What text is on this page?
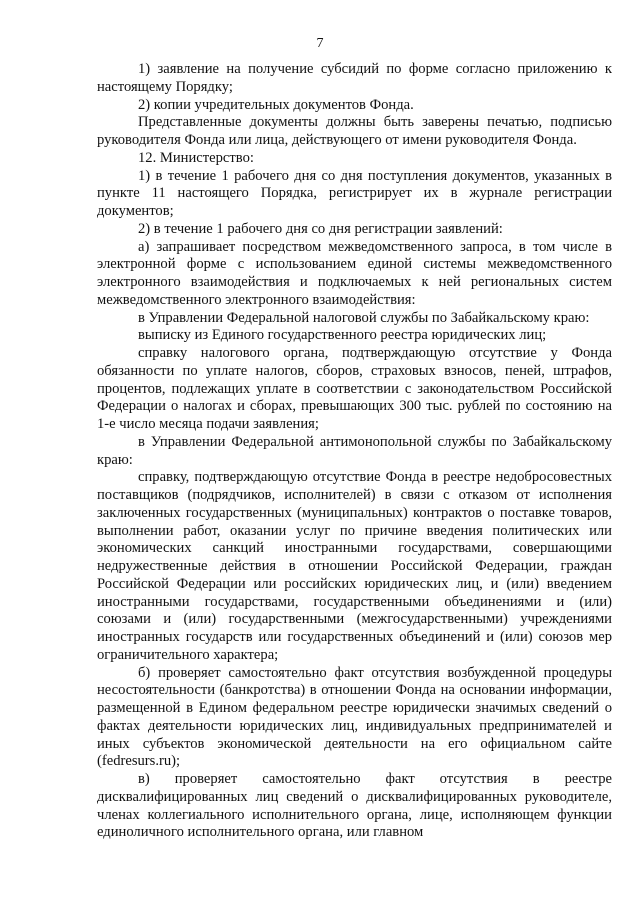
7

1) заявление на получение субсидий по форме согласно приложению к настоящему Порядку;

2) копии учредительных документов Фонда.

Представленные документы должны быть заверены печатью, подписью руководителя Фонда или лица, действующего от имени руководителя Фонда.

12. Министерство:

1) в течение 1 рабочего дня со дня поступления документов, указанных в пункте 11 настоящего Порядка, регистрирует их в журнале регистрации документов;

2) в течение 1 рабочего дня со дня регистрации заявлений:

а) запрашивает посредством межведомственного запроса, в том числе в электронной форме с использованием единой системы межведомственного электронного взаимодействия и подключаемых к ней региональных систем межведомственного электронного взаимодействия:

в Управлении Федеральной налоговой службы по Забайкальскому краю:

выписку из Единого государственного реестра юридических лиц;

справку налогового органа, подтверждающую отсутствие у Фонда обязанности по уплате налогов, сборов, страховых взносов, пеней, штрафов, процентов, подлежащих уплате в соответствии с законодательством Российской Федерации о налогах и сборах, превышающих 300 тыс. рублей по состоянию на 1-е число месяца подачи заявления;

в Управлении Федеральной антимонопольной службы по Забайкальскому краю:

справку, подтверждающую отсутствие Фонда в реестре недобросовестных поставщиков (подрядчиков, исполнителей) в связи с отказом от исполнения заключенных государственных (муниципальных) контрактов о поставке товаров, выполнении работ, оказании услуг по причине введения политических или экономических санкций иностранными государствами, совершающими недружественные действия в отношении Российской Федерации, граждан Российской Федерации или российских юридических лиц, и (или) введением иностранными государствами, государственными объединениями и (или) союзами и (или) государственными (межгосударственными) учреждениями иностранных государств или государственных объединений и (или) союзов мер ограничительного характера;

б) проверяет самостоятельно факт отсутствия возбужденной процедуры несостоятельности (банкротства) в отношении Фонда на основании информации, размещенной в Едином федеральном реестре юридически значимых сведений о фактах деятельности юридических лиц, индивидуальных предпринимателей и иных субъектов экономической деятельности на его официальном сайте (fedresurs.ru);

в) проверяет самостоятельно факт отсутствия в реестре дисквалифицированных лиц сведений о дисквалифицированных руководителе, членах коллегиального исполнительного органа, лице, исполняющем функции единоличного исполнительного органа, или главном
